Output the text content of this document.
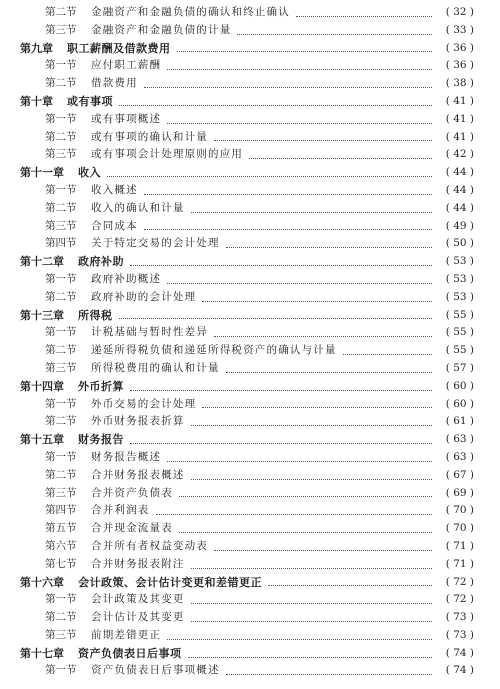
第二节	金融资产和金融负债的确认和终止确认	( 32 )
第三节	金融资产和金融负债的计量	( 33 )
第九章 职工薪酬及借款费用	( 36 )
第一节	应付职工薪酬	( 36 )
第二节	借款费用	( 38 )
第十章 或有事项	( 41 )
第一节	或有事项概述	( 41 )
第二节	或有事项的确认和计量	( 41 )
第三节	或有事项会计处理原则的应用	( 42 )
第十一章 收入	( 44 )
第一节	收入概述	( 44 )
第二节	收入的确认和计量	( 44 )
第三节	合同成本	( 49 )
第四节	关于特定交易的会计处理	( 50 )
第十二章 政府补助	( 53 )
第一节	政府补助概述	( 53 )
第二节	政府补助的会计处理	( 53 )
第十三章 所得税	( 55 )
第一节	计税基础与暂时性差异	( 55 )
第二节	递延所得税负债和递延所得税资产的确认与计量	( 55 )
第三节	所得税费用的确认和计量	( 57 )
第十四章 外币折算	( 60 )
第一节	外币交易的会计处理	( 60 )
第二节	外币财务报表折算	( 61 )
第十五章 财务报告	( 63 )
第一节	财务报告概述	( 63 )
第二节	合并财务报表概述	( 67 )
第三节	合并资产负债表	( 69 )
第四节	合并利润表	( 70 )
第五节	合并现金流量表	( 70 )
第六节	合并所有者权益变动表	( 71 )
第七节	合并财务报表附注	( 71 )
第十六章 会计政策、会计估计变更和差错更正	( 72 )
第一节	会计政策及其变更	( 72 )
第二节	会计估计及其变更	( 73 )
第三节	前期差错更正	( 73 )
第十七章 资产负债表日后事项	( 74 )
第一节	资产负债表日后事项概述	( 74 )
